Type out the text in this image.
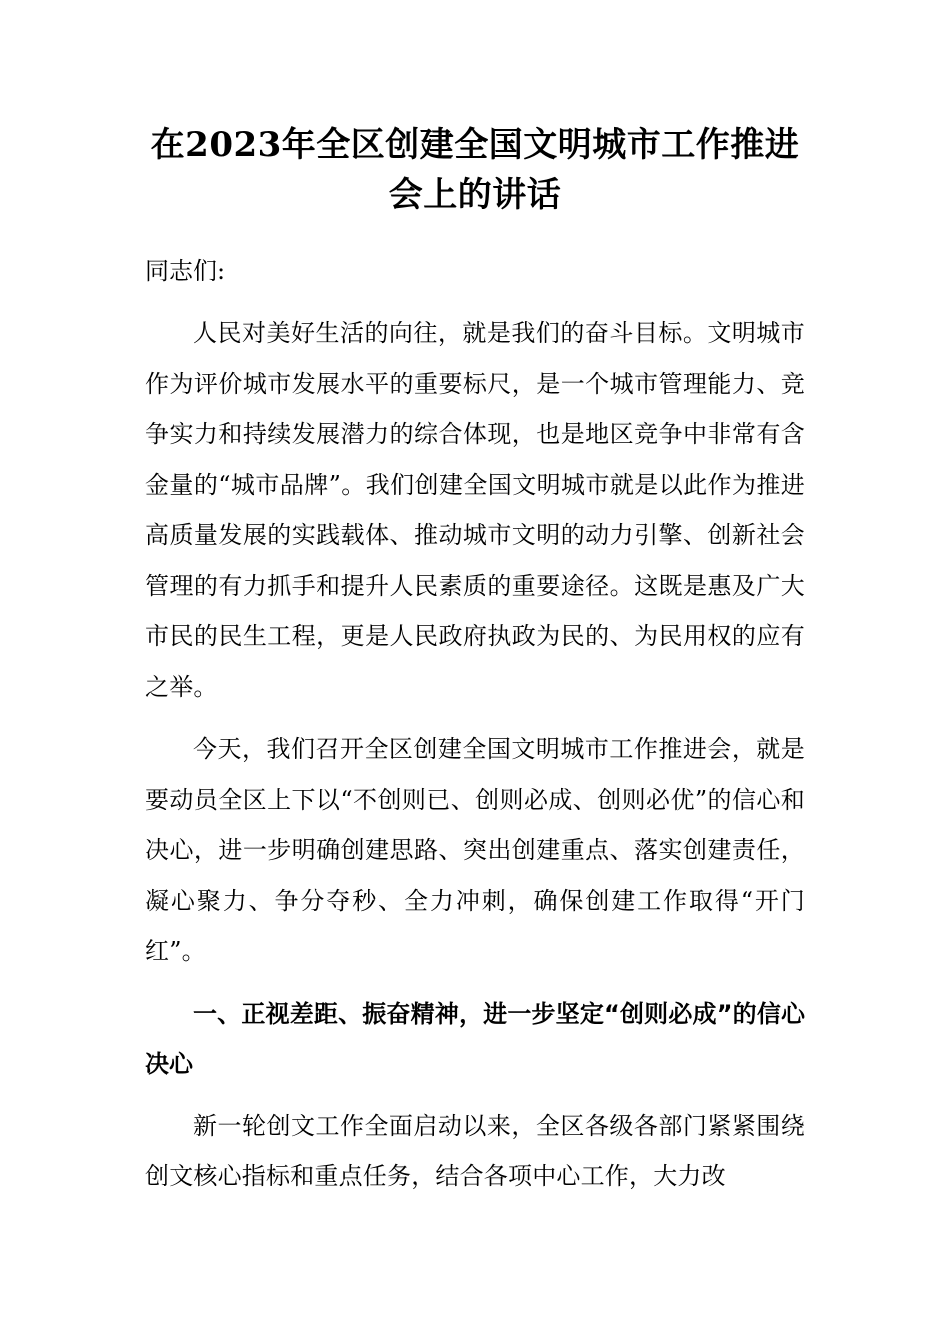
在2023年全区创建全国文明城市工作推进会上的讲话

同志们:

人民对美好生活的向往，就是我们的奋斗目标。文明城市作为评价城市发展水平的重要标尺，是一个城市管理能力、竞争实力和持续发展潜力的综合体现，也是地区竞争中非常有含金量的“城市品牌”。我们创建全国文明城市就是以此作为推进高质量发展的实践载体、推动城市文明的动力引擎、创新社会管理的有力抓手和提升人民素质的重要途径。这既是惠及广大市民的民生工程，更是人民政府执政为民的、为民用权的应有之举。

今天，我们召开全区创建全国文明城市工作推进会，就是要动员全区上下以“不创则已、创则必成、创则必优”的信心和决心，进一步明确创建思路、突出创建重点、落实创建责任，凝心聚力、争分夺秒、全力冲刺，确保创建工作取得“开门红”。

一、正视差距、振奋精神，进一步坚定“创则必成”的信心决心

新一轮创文工作全面启动以来，全区各级各部门紧紧围绕创文核心指标和重点任务，结合各项中心工作，大力改
